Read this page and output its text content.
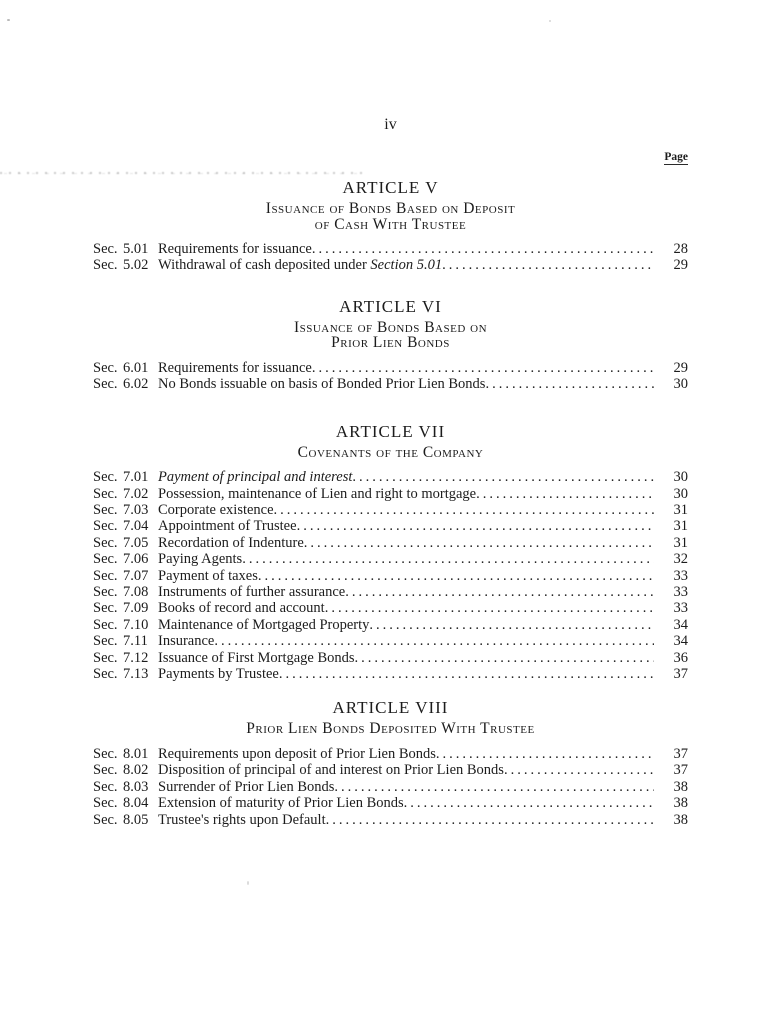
iv
Page
ARTICLE V
Issuance of Bonds Based on Deposit
of Cash With Trustee
Sec. 5.01 Requirements for issuance .....	28
Sec. 5.02 Withdrawal of cash deposited under Section 5.01 .....	29
ARTICLE VI
Issuance of Bonds Based on
Prior Lien Bonds
Sec. 6.01 Requirements for issuance .....	29
Sec. 6.02 No Bonds issuable on basis of Bonded Prior Lien Bonds .....	30
ARTICLE VII
Covenants of the Company
Sec. 7.01 Payment of principal and interest .....	30
Sec. 7.02 Possession, maintenance of Lien and right to mortgage .....	30
Sec. 7.03 Corporate existence .....	31
Sec. 7.04 Appointment of Trustee .....	31
Sec. 7.05 Recordation of Indenture .....	31
Sec. 7.06 Paying Agents .....	32
Sec. 7.07 Payment of taxes .....	33
Sec. 7.08 Instruments of further assurance .....	33
Sec. 7.09 Books of record and account .....	33
Sec. 7.10 Maintenance of Mortgaged Property .....	34
Sec. 7.11 Insurance .....	34
Sec. 7.12 Issuance of First Mortgage Bonds .....	36
Sec. 7.13 Payments by Trustee .....	37
ARTICLE VIII
Prior Lien Bonds Deposited With Trustee
Sec. 8.01 Requirements upon deposit of Prior Lien Bonds .....	37
Sec. 8.02 Disposition of principal of and interest on Prior Lien Bonds .....	37
Sec. 8.03 Surrender of Prior Lien Bonds .....	38
Sec. 8.04 Extension of maturity of Prior Lien Bonds .....	38
Sec. 8.05 Trustee's rights upon Default .....	38
